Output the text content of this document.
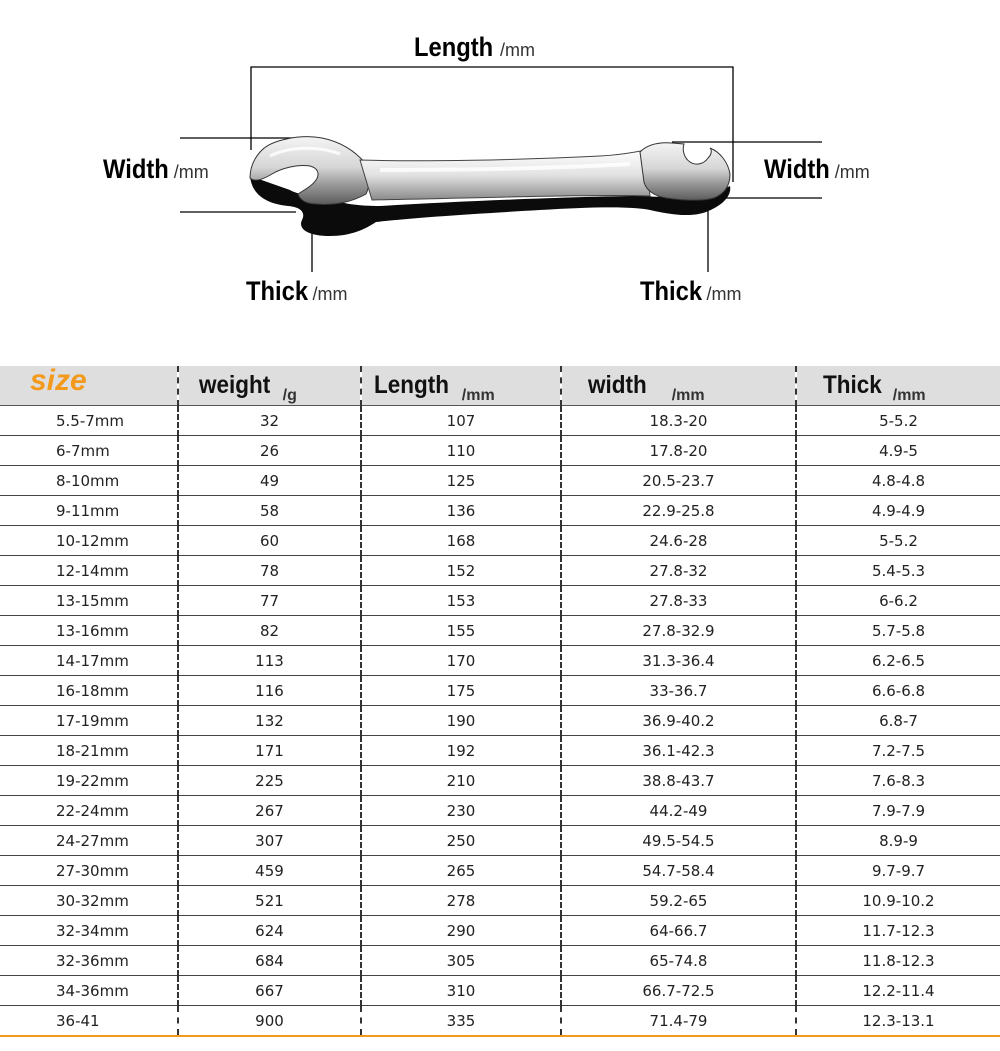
Length /mm
Width /mm	Width /mm
Thick /mm	Thick /mm
size	weight /g	Length /mm	width /mm	Thick /mm
5.5-7mm	32	107	18.3-20	5-5.2
6-7mm	26	110	17.8-20	4.9-5
8-10mm	49	125	20.5-23.7	4.8-4.8
9-11mm	58	136	22.9-25.8	4.9-4.9
10-12mm	60	168	24.6-28	5-5.2
12-14mm	78	152	27.8-32	5.4-5.3
13-15mm	77	153	27.8-33	6-6.2
13-16mm	82	155	27.8-32.9	5.7-5.8
14-17mm	113	170	31.3-36.4	6.2-6.5
16-18mm	116	175	33-36.7	6.6-6.8
17-19mm	132	190	36.9-40.2	6.8-7
18-21mm	171	192	36.1-42.3	7.2-7.5
19-22mm	225	210	38.8-43.7	7.6-8.3
22-24mm	267	230	44.2-49	7.9-7.9
24-27mm	307	250	49.5-54.5	8.9-9
27-30mm	459	265	54.7-58.4	9.7-9.7
30-32mm	521	278	59.2-65	10.9-10.2
32-34mm	624	290	64-66.7	11.7-12.3
32-36mm	684	305	65-74.8	11.8-12.3
34-36mm	667	310	66.7-72.5	12.2-11.4
36-41	900	335	71.4-79	12.3-13.1
